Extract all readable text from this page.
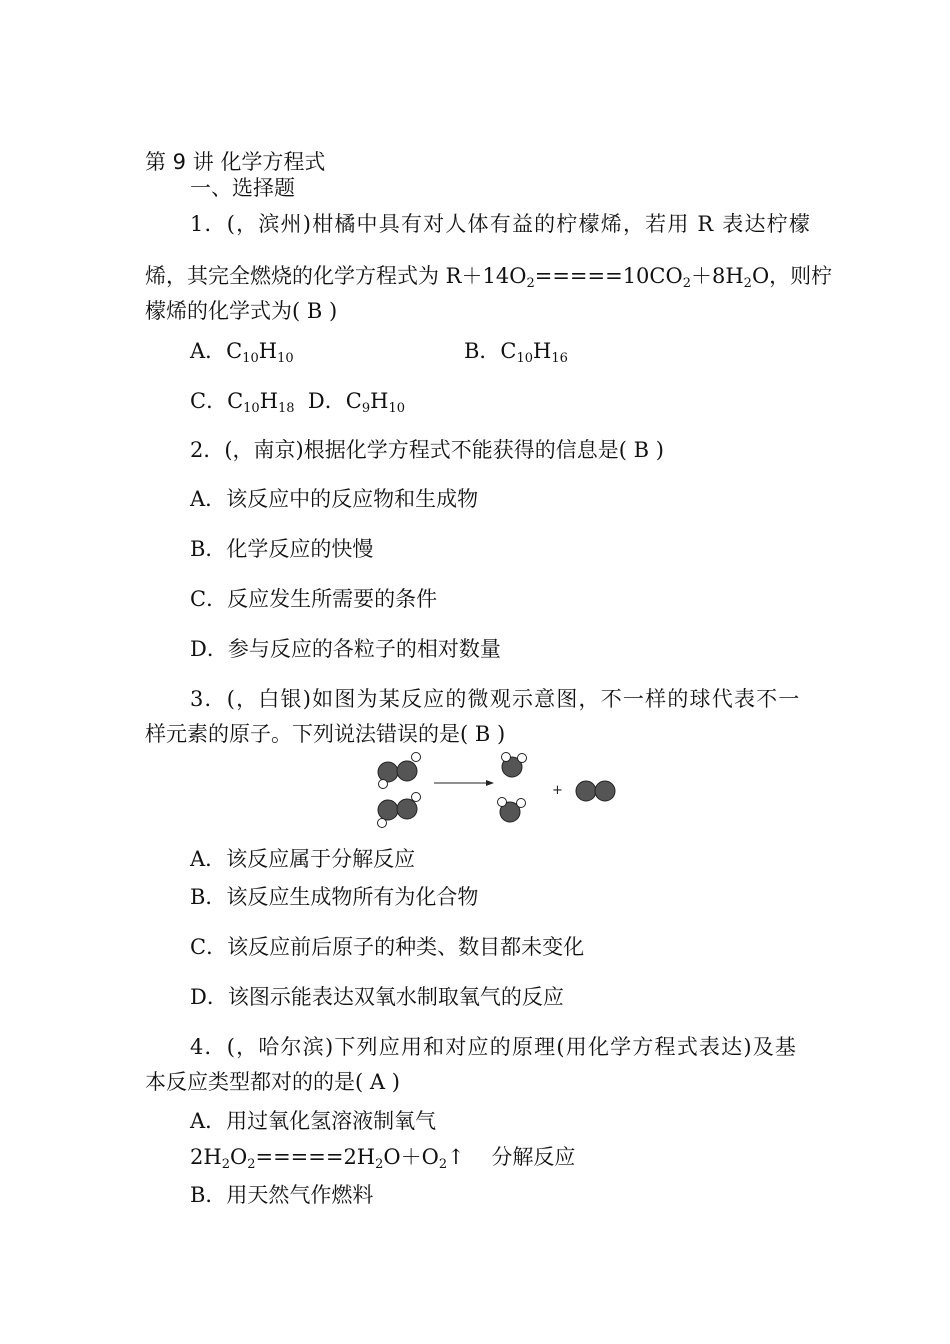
第 9 讲 化学方程式
一、选择题
1．(，滨州)柑橘中具有对人体有益的柠檬烯，若用 R 表达柠檬
烯，其完全燃烧的化学方程式为 $R+14O_2=====10CO_2+8H_2O$，则柠
檬烯的化学式为( B )
A．$C_{10}H_{10}$	B．$C_{10}H_{16}$
C．$C_{10}H_{18}$  D．$C_9H_{10}$
2．(，南京)根据化学方程式不能获得的信息是( B )
A．该反应中的反应物和生成物
B．化学反应的快慢
C．反应发生所需要的条件
D．参与反应的各粒子的相对数量
3．(，白银)如图为某反应的微观示意图，不一样的球代表不一
样元素的原子。下列说法错误的是( B )
+
A．该反应属于分解反应
B．该反应生成物所有为化合物
C．该反应前后原子的种类、数目都未变化
D．该图示能表达双氧水制取氧气的反应
4．(，哈尔滨)下列应用和对应的原理(用化学方程式表达)及基
本反应类型都对的的是( A )
A．用过氧化氢溶液制氧气
$2H_2O_2=====2H_2O+O_2↑$    分解反应
B．用天然气作燃料
